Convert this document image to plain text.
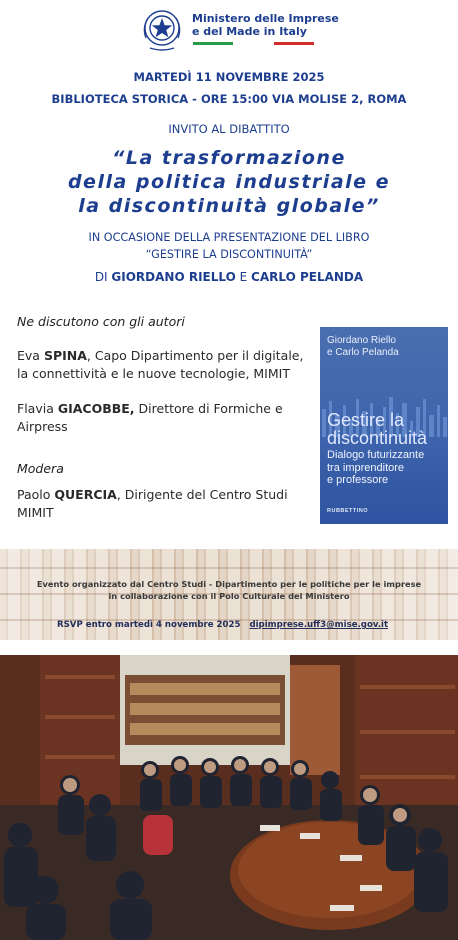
Ministero delle Imprese
e del Made in Italy
MARTEDÌ 11 NOVEMBRE 2025
BIBLIOTECA STORICA - ORE 15:00 VIA MOLISE 2, ROMA
INVITO AL DIBATTITO
“La trasformazione
della politica industriale e
la discontinuità globale”
IN OCCASIONE DELLA PRESENTAZIONE DEL LIBRO
“GESTIRE LA DISCONTINUITÀ”
DI GIORDANO RIELLO E CARLO PELANDA
Ne discutono con gli autori
Eva SPINA, Capo Dipartimento per il digitale,
la connettività e le nuove tecnologie, MIMIT
Flavia GIACOBBE, Direttore di Formiche e
Airpress
Modera
Paolo QUERCIA, Dirigente del Centro Studi
MIMIT
Giordano Riello
e Carlo Pelanda
Gestire la
discontinuità
Dialogo futurizzante
tra imprenditore
e professore
RUBBETTINO
Evento organizzato dal Centro Studi - Dipartimento per le politiche per le imprese
in collaborazione con il Polo Culturale del Ministero
RSVP entro martedì 4 novembre 2025 dipimprese.uff3@mise.gov.it
